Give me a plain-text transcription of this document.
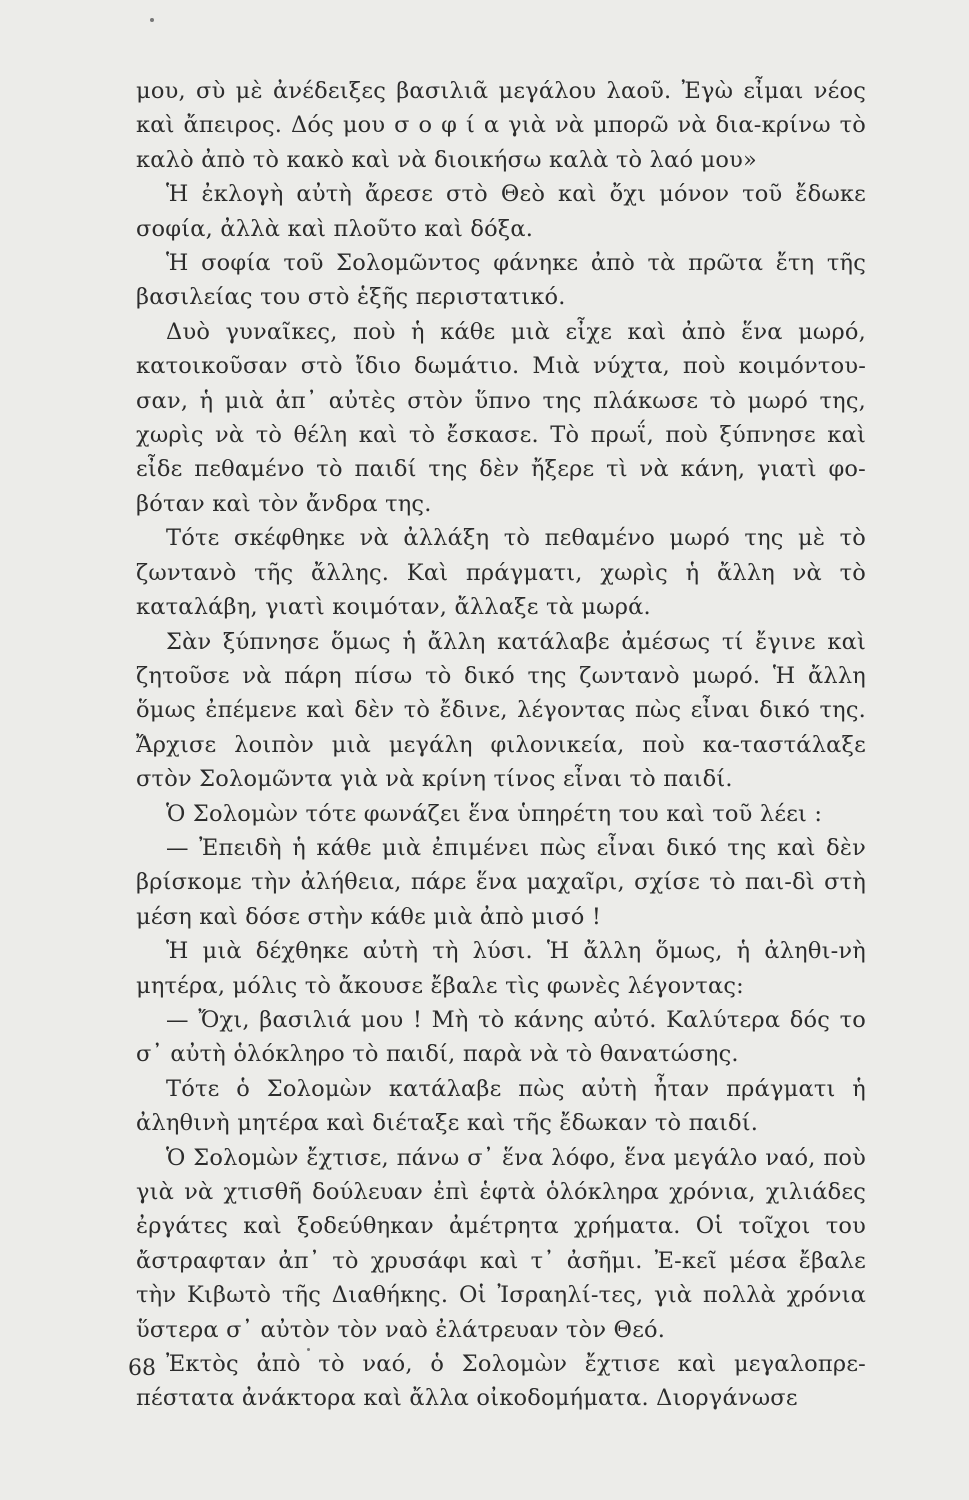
μου, σὺ μὲ ἀνέδειξες βασιλιᾶ μεγάλου λαοῦ. Ἐγὼ εἶμαι νέος καὶ ἄπειρος. Δός μου σ ο φ ί α γιὰ νὰ μπορῶ νὰ δια-κρίνω τὸ καλὸ ἀπὸ τὸ κακὸ καὶ νὰ διοικήσω καλὰ τὸ λαό μου»

Ἡ ἐκλογὴ αὐτὴ ἄρεσε στὸ Θεὸ καὶ ὄχι μόνον τοῦ ἔδωκε σοφία, ἀλλὰ καὶ πλοῦτο καὶ δόξα.

Ἡ σοφία τοῦ Σολομῶντος φάνηκε ἀπὸ τὰ πρῶτα ἔτη τῆς βασιλείας του στὸ ἑξῆς περιστατικό.

Δυὸ γυναῖκες, ποὺ ἡ κάθε μιὰ εἶχε καὶ ἀπὸ ἕνα μωρό, κατοικοῦσαν στὸ ἴδιο δωμάτιο. Μιὰ νύχτα, ποὺ κοιμόντου-σαν, ἡ μιὰ ἀπ᾿ αὐτὲς στὸν ὕπνο της πλάκωσε τὸ μωρό της, χωρὶς νὰ τὸ θέλη καὶ τὸ ἔσκασε. Τὸ πρωΐ, ποὺ ξύπνησε καὶ εἶδε πεθαμένο τὸ παιδί της δὲν ἤξερε τὶ νὰ κάνη, γιατὶ φο-βόταν καὶ τὸν ἄνδρα της.

Τότε σκέφθηκε νὰ ἀλλάξη τὸ πεθαμένο μωρό της μὲ τὸ ζωντανὸ τῆς ἄλλης. Καὶ πράγματι, χωρὶς ἡ ἄλλη νὰ τὸ καταλάβη, γιατὶ κοιμόταν, ἄλλαξε τὰ μωρά.

Σὰν ξύπνησε ὅμως ἡ ἄλλη κατάλαβε ἀμέσως τί ἔγινε καὶ ζητοῦσε νὰ πάρη πίσω τὸ δικό της ζωντανὸ μωρό. Ἡ ἄλλη ὅμως ἐπέμενε καὶ δὲν τὸ ἔδινε, λέγοντας πὼς εἶναι δικό της. Ἄρχισε λοιπὸν μιὰ μεγάλη φιλονικεία, ποὺ κα-ταστάλαξε στὸν Σολομῶντα γιὰ νὰ κρίνη τίνος εἶναι τὸ παιδί.

Ὁ Σολομὼν τότε φωνάζει ἕνα ὑπηρέτη του καὶ τοῦ λέει :

— Ἐπειδὴ ἡ κάθε μιὰ ἐπιμένει πὼς εἶναι δικό της καὶ δὲν βρίσκομε τὴν ἀλήθεια, πάρε ἕνα μαχαῖρι, σχίσε τὸ παι-δὶ στὴ μέση καὶ δόσε στὴν κάθε μιὰ ἀπὸ μισό !

Ἡ μιὰ δέχθηκε αὐτὴ τὴ λύσι. Ἡ ἄλλη ὅμως, ἡ ἀληθι-νὴ μητέρα, μόλις τὸ ἄκουσε ἔβαλε τὶς φωνὲς λέγοντας:

— Ὄχι, βασιλιά μου ! Μὴ τὸ κάνης αὐτό. Καλύτερα δός το σ᾿ αὐτὴ ὁλόκληρο τὸ παιδί, παρὰ νὰ τὸ θανατώσης.

Τότε ὁ Σολομὼν κατάλαβε πὼς αὐτὴ ἦταν πράγματι ἡ ἀληθινὴ μητέρα καὶ διέταξε καὶ τῆς ἔδωκαν τὸ παιδί.

Ὁ Σολομὼν ἔχτισε, πάνω σ᾿ ἕνα λόφο, ἕνα μεγάλο ναό, ποὺ γιὰ νὰ χτισθῆ δούλευαν ἐπὶ ἑφτὰ ὁλόκληρα χρόνια, χιλιάδες ἐργάτες καὶ ξοδεύθηκαν ἀμέτρητα χρήματα. Οἱ τοῖχοι του ἄστραφταν ἀπ᾿ τὸ χρυσάφι καὶ τ᾿ ἀσῆμι. Ἐ-κεῖ μέσα ἔβαλε τὴν Κιβωτὸ τῆς Διαθήκης. Οἱ Ἰσραηλί-τες, γιὰ πολλὰ χρόνια ὕστερα σ᾿ αὐτὸν τὸν ναὸ ἐλάτρευαν τὸν Θεό.

Ἐκτὸς ἀπὸ τὸ ναό, ὁ Σολομὼν ἔχτισε καὶ μεγαλοπρε-πέστατα ἀνάκτορα καὶ ἄλλα οἰκοδομήματα. Διοργάνωσε

68
